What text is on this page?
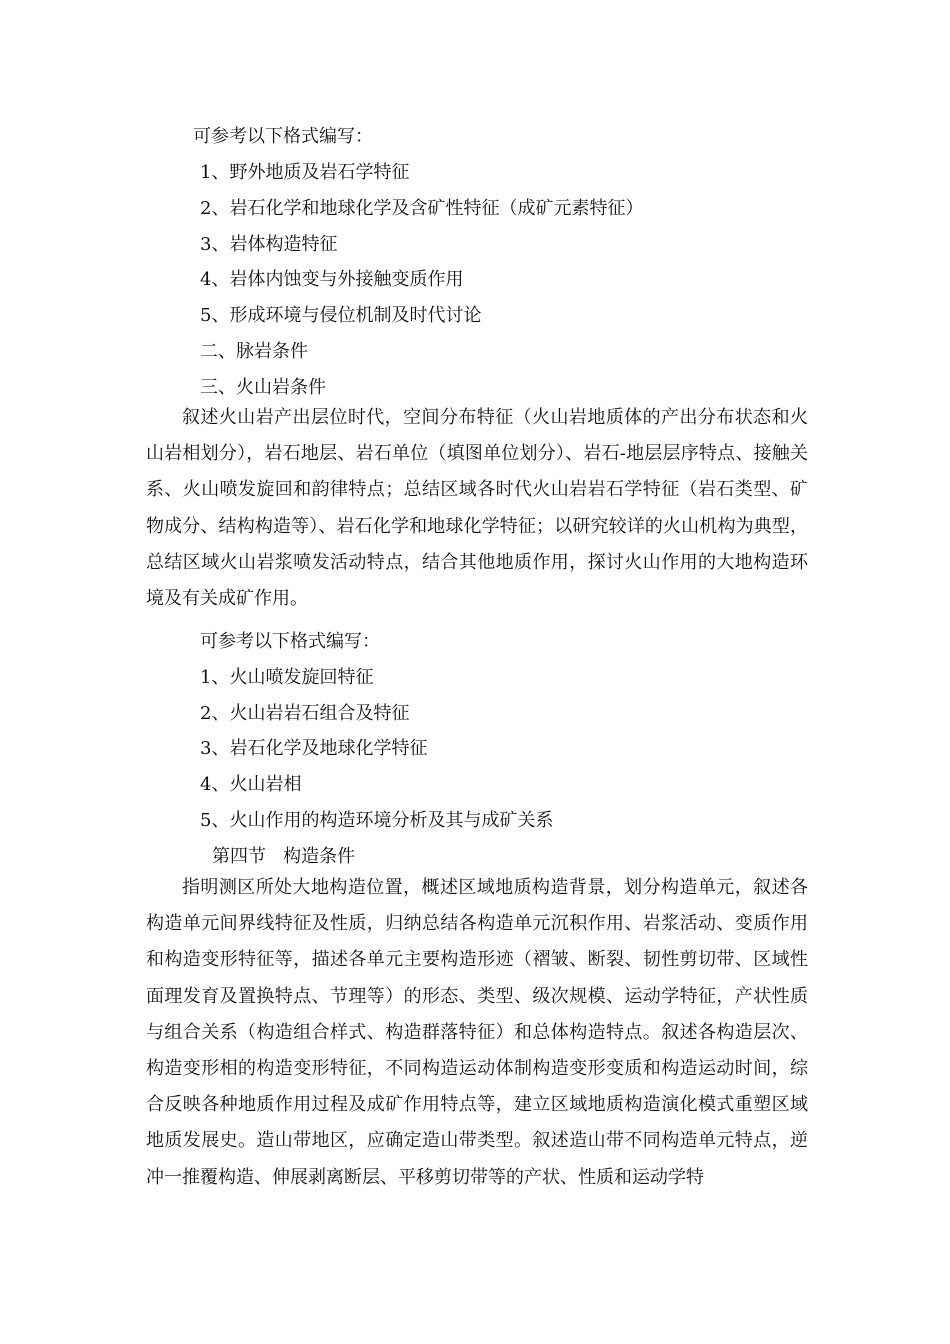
可参考以下格式编写：
1、野外地质及岩石学特征
2、岩石化学和地球化学及含矿性特征（成矿元素特征）
3、岩体构造特征
4、岩体内蚀变与外接触变质作用
5、形成环境与侵位机制及时代讨论
二、脉岩条件
三、火山岩条件
叙述火山岩产出层位时代，空间分布特征（火山岩地质体的产出分布状态和火山岩相划分），岩石地层、岩石单位（填图单位划分）、岩石-地层层序特点、接触关系、火山喷发旋回和韵律特点；总结区域各时代火山岩岩石学特征（岩石类型、矿物成分、结构构造等）、岩石化学和地球化学特征；以研究较详的火山机构为典型，总结区域火山岩浆喷发活动特点，结合其他地质作用，探讨火山作用的大地构造环境及有关成矿作用。
可参考以下格式编写：
1、火山喷发旋回特征
2、火山岩岩石组合及特征
3、岩石化学及地球化学特征
4、火山岩相
5、火山作用的构造环境分析及其与成矿关系
第四节   构造条件
指明测区所处大地构造位置，概述区域地质构造背景，划分构造单元，叙述各构造单元间界线特征及性质，归纳总结各构造单元沉积作用、岩浆活动、变质作用和构造变形特征等，描述各单元主要构造形迹（褶皱、断裂、韧性剪切带、区域性面理发育及置换特点、节理等）的形态、类型、级次规模、运动学特征，产状性质与组合关系（构造组合样式、构造群落特征）和总体构造特点。叙述各构造层次、构造变形相的构造变形特征，不同构造运动体制构造变形变质和构造运动时间，综合反映各种地质作用过程及成矿作用特点等，建立区域地质构造演化模式重塑区域地质发展史。造山带地区，应确定造山带类型。叙述造山带不同构造单元特点，逆冲一推覆构造、伸展剥离断层、平移剪切带等的产状、性质和运动学特
